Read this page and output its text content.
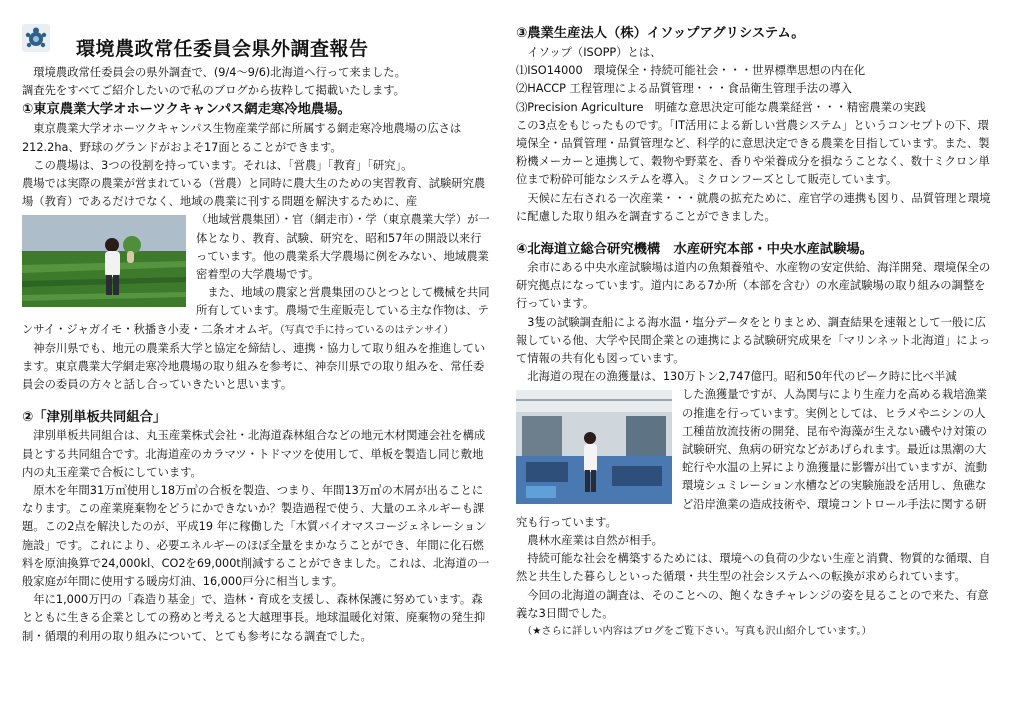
環境農政常任委員会県外調査報告

環境農政常任委員会の県外調査で、(9/4〜9/6)北海道へ行って来ました。

調査先をすべてご紹介したいので私のブログから抜粋して掲載いたします。

①東京農業大学オホーツクキャンパス網走寒冷地農場。

東京農業大学オホーツクキャンパス生物産業学部に所属する網走寒冷地農場の広さは212.2ha、野球のグランドがおよそ17面とることができます。

この農場は、3つの役割を持っています。それは、「営農」「教育」「研究」。

農場では実際の農業が営まれている（営農）と同時に農大生のための実習教育、試験研究農場（教育）であるだけでなく、地域の農業に刊する問題を解決するために、産

（地域営農集団）・官（網走市）・学（東京農業大学）が一体となり、教育、試験、研究を、昭和57年の開設以来行っています。他の農業系大学農場に例をみない、地域農業密着型の大学農場です。

また、地域の農家と営農集団のひとつとして機械を共同所有しています。農場で生産販売している主な作物は、テンサイ・ジャガイモ・秋播き小麦・二条オオムギ。（写真で手に持っているのはテンサイ）

神奈川県でも、地元の農業系大学と協定を締結し、連携・協力して取り組みを推進しています。東京農業大学網走寒冷地農場の取り組みを参考に、神奈川県での取り組みを、常任委員会の委員の方々と話し合っていきたいと思います。

②「津別単板共同組合」

津別単板共同組合は、丸玉産業株式会社・北海道森林組合などの地元木材関連会社を構成員とする共同組合です。北海道産のカラマツ・トドマツを使用して、単板を製造し同じ敷地内の丸玉産業で合板にしています。

原木を年間31万㎥使用し18万㎥の合板を製造、つまり、年間13万㎥の木屑が出ることになります。この産業廃棄物をどうにかできないか？製造過程で使う、大量のエネルギーも課題。この2点を解決したのが、平成19 年に稼働した「木質バイオマスコージェネレーション施設」です。これにより、必要エネルギーのほぼ全量をまかなうことができ、年間に化石燃料を原油換算で24,000kl、CO2を69,000t削減することができました。これは、北海道の一般家庭が年間に使用する暖房灯油、16,000戸分に相当します。

年に1,000万円の「森造り基金」で、造林・育成を支援し、森林保護に努めています。森とともに生きる企業としての務めと考えると大越理事長。地球温暖化対策、廃棄物の発生抑制・循環的利用の取り組みについて、とても参考になる調査でした。

③農業生産法人（株）イソップアグリシステム。

イソップ（ISOPP）とは、

⑴ISO14000　環境保全・持続可能社会・・・世界標準思想の内在化

⑵HACCP 工程管理による品質管理・・・食品衛生管理手法の導入

⑶Precision Agriculture　明確な意思決定可能な農業経営・・・精密農業の実践

この3点をもじったものです。「IT活用による新しい営農システム」というコンセプトの下、環境保全・品質管理・品質管理など、科学的に意思決定できる農業を目指しています。また、製粉機メーカーと連携して、穀物や野菜を、香りや栄養成分を損なうことなく、数十ミクロン単位まで粉砕可能なシステムを導入。ミクロンフーズとして販売しています。

天候に左右される一次産業・・・就農の拡充ために、産官学の連携も図り、品質管理と環境に配慮した取り組みを調査することができました。

④北海道立総合研究機構　水産研究本部・中央水産試験場。

余市にある中央水産試験場は道内の魚類養殖や、水産物の安定供給、海洋開発、環境保全の研究拠点になっています。道内にある7か所（本部を含む）の水産試験場の取り組みの調整を行っています。

3隻の試験調査船による海水温・塩分データをとりまとめ、調査結果を速報として一般に広報している他、大学や民間企業との連携による試験研究成果を「マリンネット北海道」によって情報の共有化も図っています。

北海道の現在の漁獲量は、130万トン2,747億円。昭和50年代のピーク時に比べ半減

した漁獲量ですが、人為関与により生産力を高める栽培漁業の推進を行っています。実例としては、ヒラメやニシンの人工種苗放流技術の開発、昆布や海藻が生えない磯やけ対策の試験研究、魚病の研究などがあげられます。最近は黒潮の大蛇行や水温の上昇により漁獲量に影響が出ていますが、流動環境シュミレーション水槽などの実験施設を活用し、魚礁など沿岸漁業の造成技術や、環境コントロール手法に関する研究も行っています。

農林水産業は自然が相手。

持続可能な社会を構築するためには、環境への負荷の少ない生産と消費、物質的な循環、自然と共生した暮らしといった循環・共生型の社会システムへの転換が求められています。

今回の北海道の調査は、そのことへの、飽くなきチャレンジの姿を見ることので来た、有意義な3日間でした。

（★さらに詳しい内容はブログをご覧下さい。写真も沢山紹介しています。）
